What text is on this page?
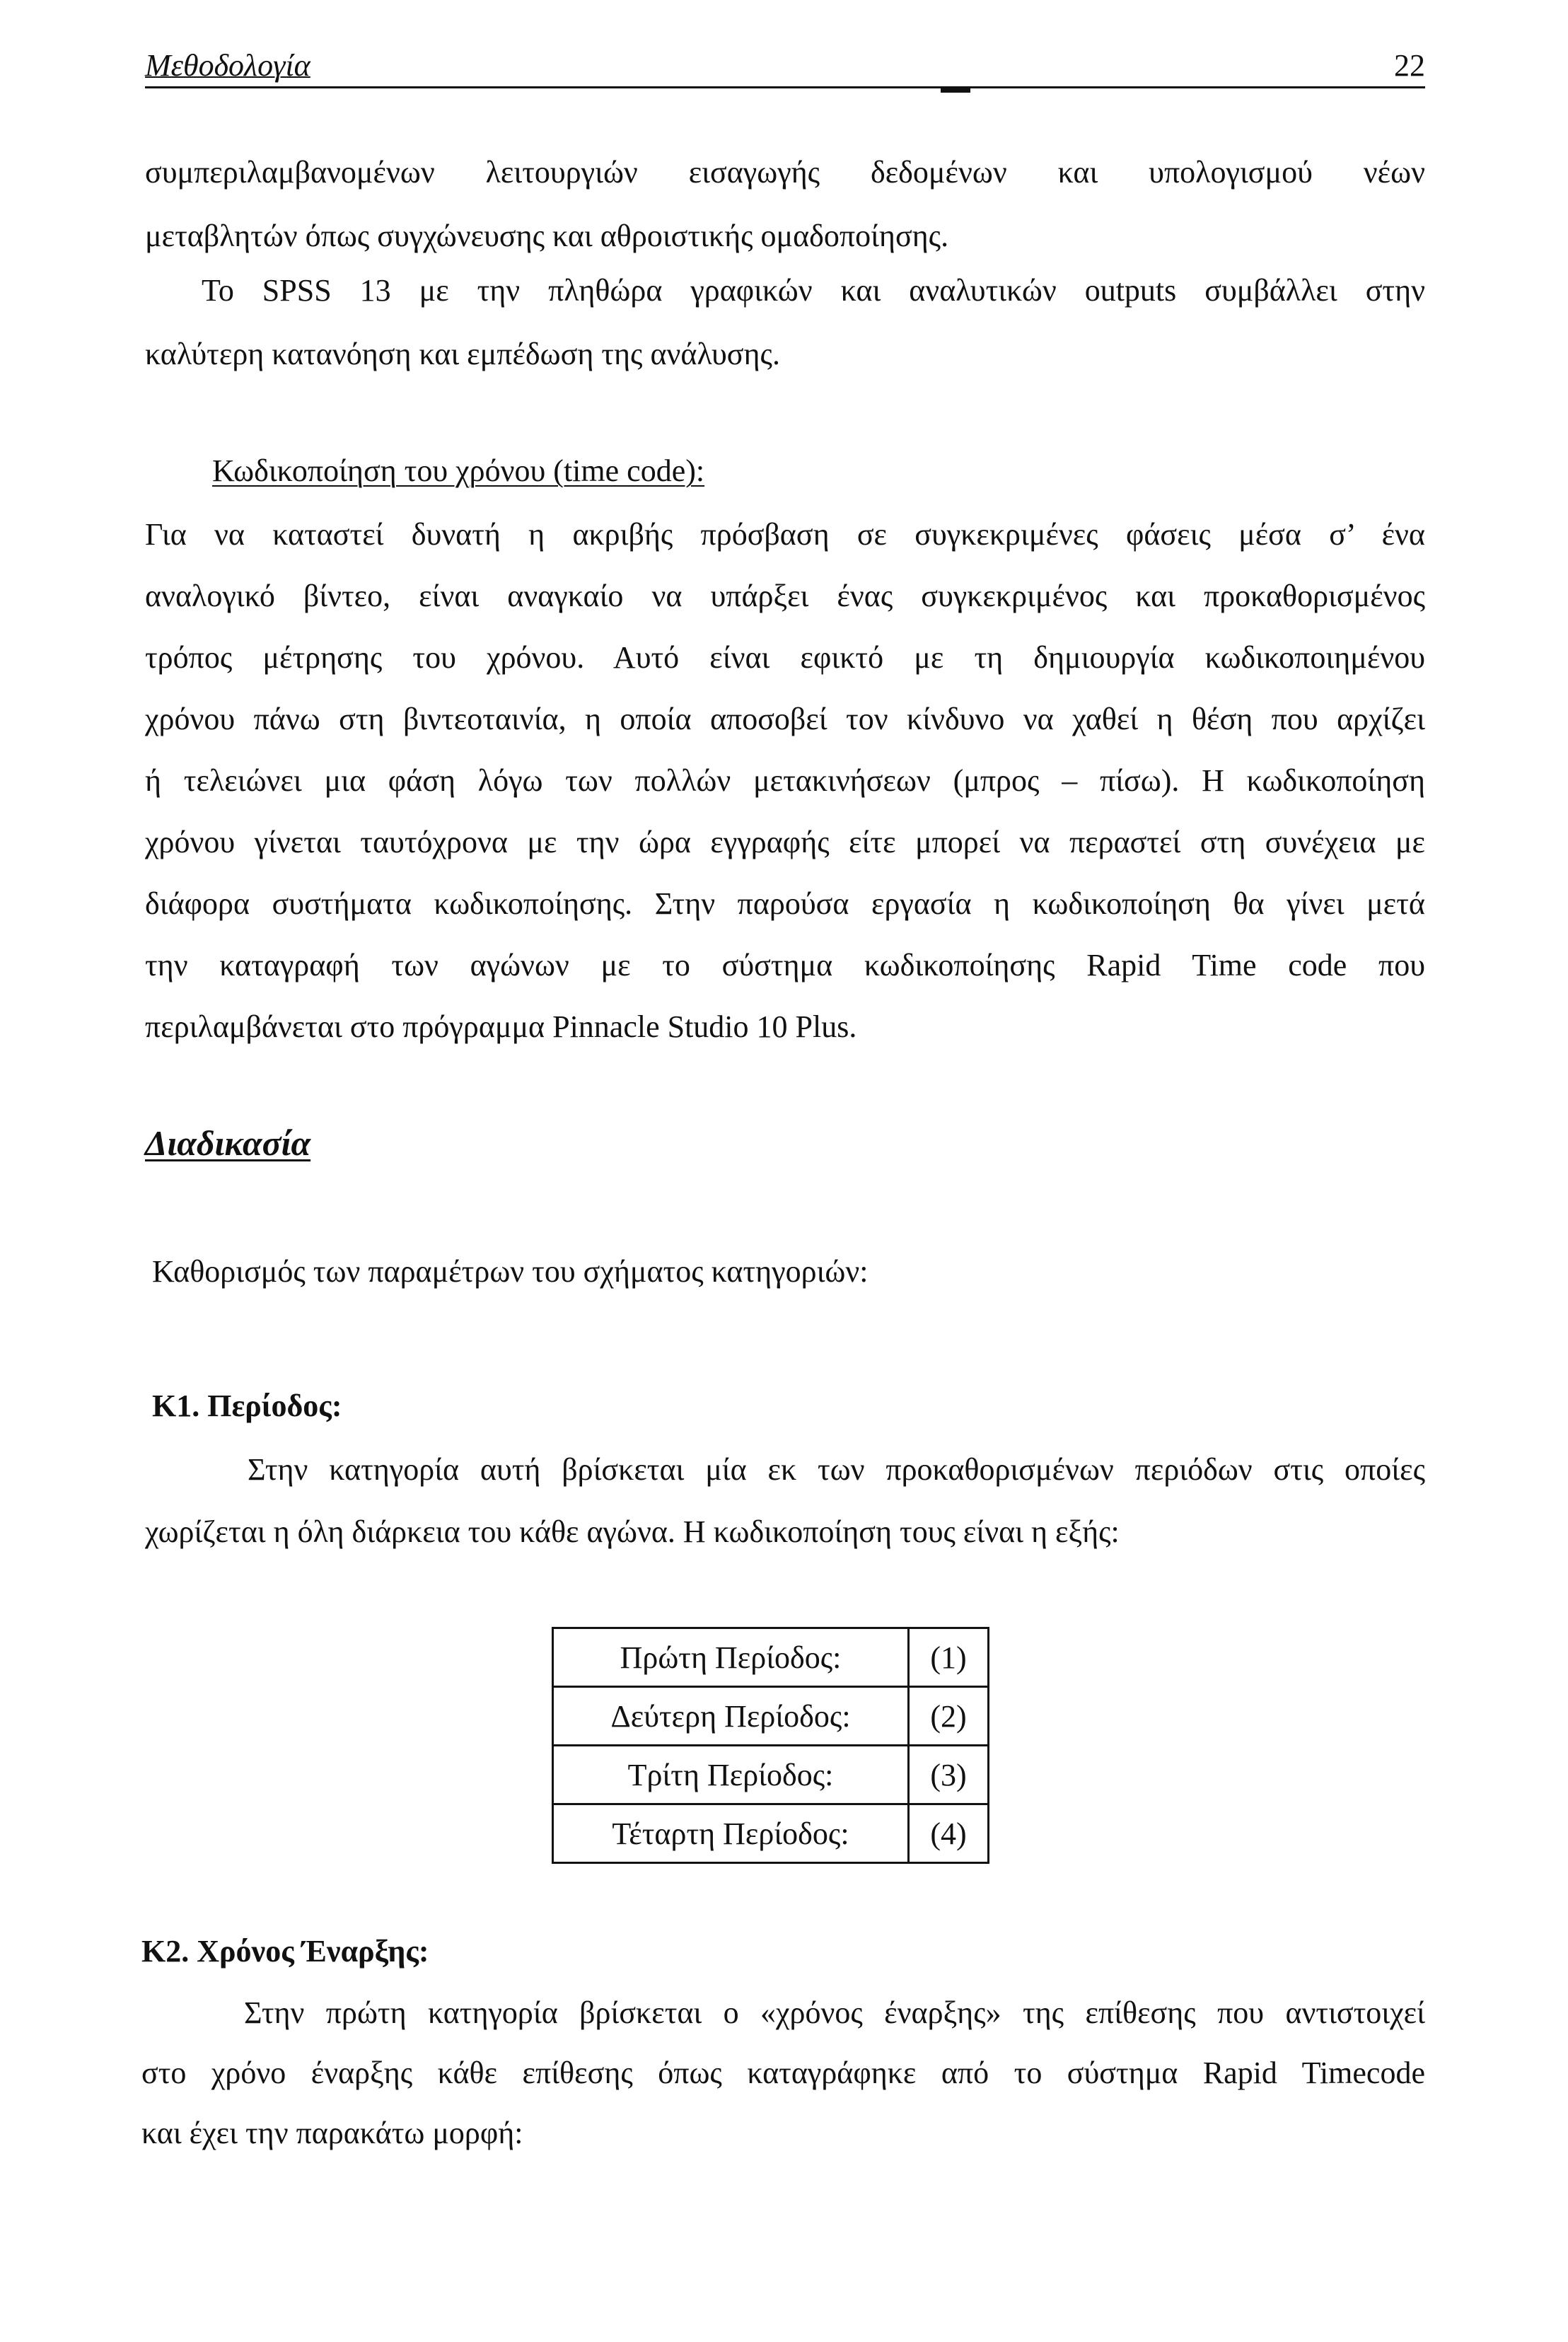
Μεθοδολογία	22
συμπεριλαμβανομένων λειτουργιών εισαγωγής δεδομένων και υπολογισμού νέων
μεταβλητών όπως συγχώνευσης και αθροιστικής ομαδοποίησης.
Το SPSS 13 με την πληθώρα γραφικών και αναλυτικών outputs συμβάλλει στην
καλύτερη κατανόηση και εμπέδωση της ανάλυσης.
Κωδικοποίηση του χρόνου (time code):
Για να καταστεί δυνατή η ακριβής πρόσβαση σε συγκεκριμένες φάσεις μέσα σ’ ένα
αναλογικό βίντεο, είναι αναγκαίο να υπάρξει ένας συγκεκριμένος και προκαθορισμένος
τρόπος μέτρησης του χρόνου. Αυτό είναι εφικτό με τη δημιουργία κωδικοποιημένου
χρόνου πάνω στη βιντεοταινία, η οποία αποσοβεί τον κίνδυνο να χαθεί η θέση που αρχίζει
ή τελειώνει μια φάση λόγω των πολλών μετακινήσεων (μπρος – πίσω). Η κωδικοποίηση
χρόνου γίνεται ταυτόχρονα με την ώρα εγγραφής είτε μπορεί να περαστεί στη συνέχεια με
διάφορα συστήματα κωδικοποίησης. Στην παρούσα εργασία η κωδικοποίηση θα γίνει μετά
την καταγραφή των αγώνων με το σύστημα κωδικοποίησης Rapid Time code που
περιλαμβάνεται στο πρόγραμμα Pinnacle Studio 10 Plus.
Διαδικασία
Καθορισμός των παραμέτρων του σχήματος κατηγοριών:
K1. Περίοδος:
Στην κατηγορία αυτή βρίσκεται μία εκ των προκαθορισμένων περιόδων στις οποίες
χωρίζεται η όλη διάρκεια του κάθε αγώνα. Η κωδικοποίηση τους είναι η εξής:
Πρώτη Περίοδος:	(1)
Δεύτερη Περίοδος:	(2)
Τρίτη Περίοδος:	(3)
Τέταρτη Περίοδος:	(4)
K2. Χρόνος Έναρξης:
Στην πρώτη κατηγορία βρίσκεται ο «χρόνος έναρξης» της επίθεσης που αντιστοιχεί
στο χρόνο έναρξης κάθε επίθεσης όπως καταγράφηκε από το σύστημα Rapid Timecode
και έχει την παρακάτω μορφή:
